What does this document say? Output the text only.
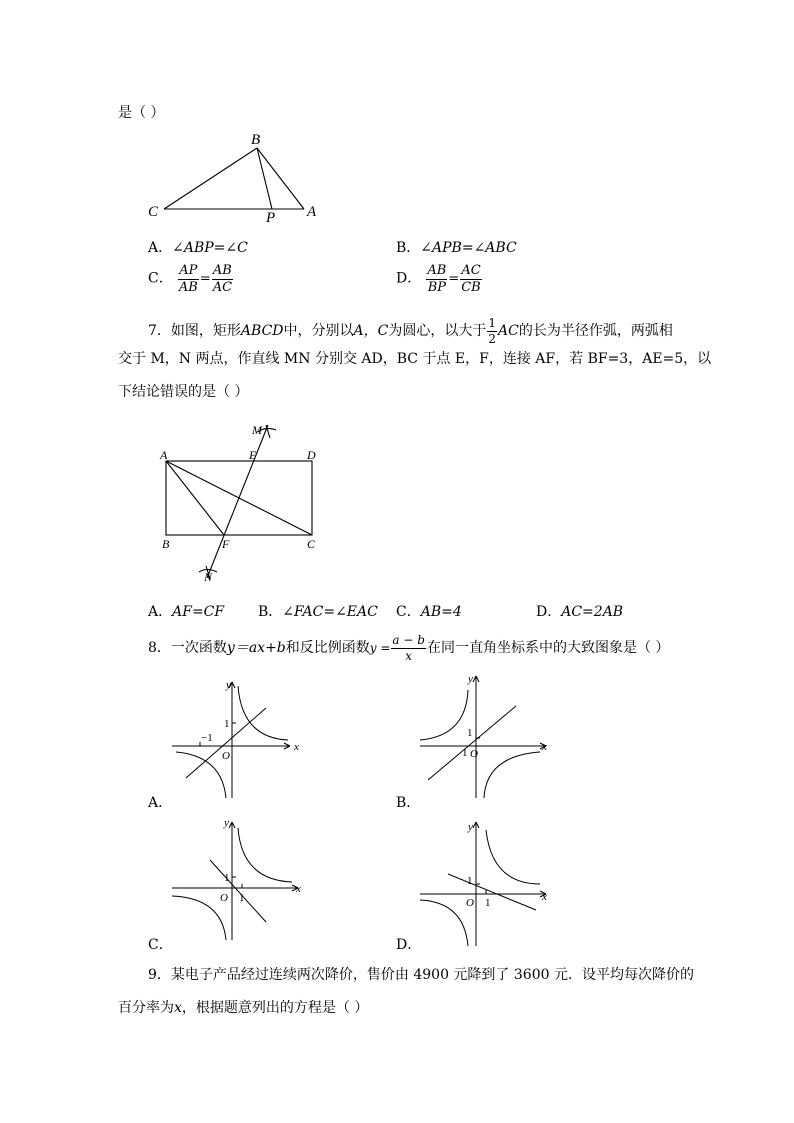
是（ ）
B
C	P A
A．∠ABP=∠C	B．∠APB=∠ABC
C． $\frac{AP}{AB} = \frac{AB}{AC}$	D． $\frac{AB}{BP} = \frac{AC}{CB}$
7．如图，矩形ABCD中，分别以A，C为圆心，以大于 $\frac{1}{2}$ AC的长为半径作弧，两弧相
交于 M，N 两点，作直线 MN 分别交 AD，BC 于点 E，F，连接 AF，若 BF=3，AE=5，以
下结论错误的是（ ）
A	E	D
B	F	C
M
N
A．AF=CF B．∠FAC=∠EAC C．AB=4	D．AC=2AB
8．一次函数y＝ax+b和反比例函数$y = \frac{a - b}{x}$ 在同一直角坐标系中的大致图象是（ ）
x
y
O
1
−1
A．
x
y
O
1
1
B．
x
y
O
1
1
C．
x
y
O
1
1
D．
9．某电子产品经过连续两次降价，售价由 4900 元降到了 3600 元．设平均每次降价的
百分率为x，根据题意列出的方程是（ ）
